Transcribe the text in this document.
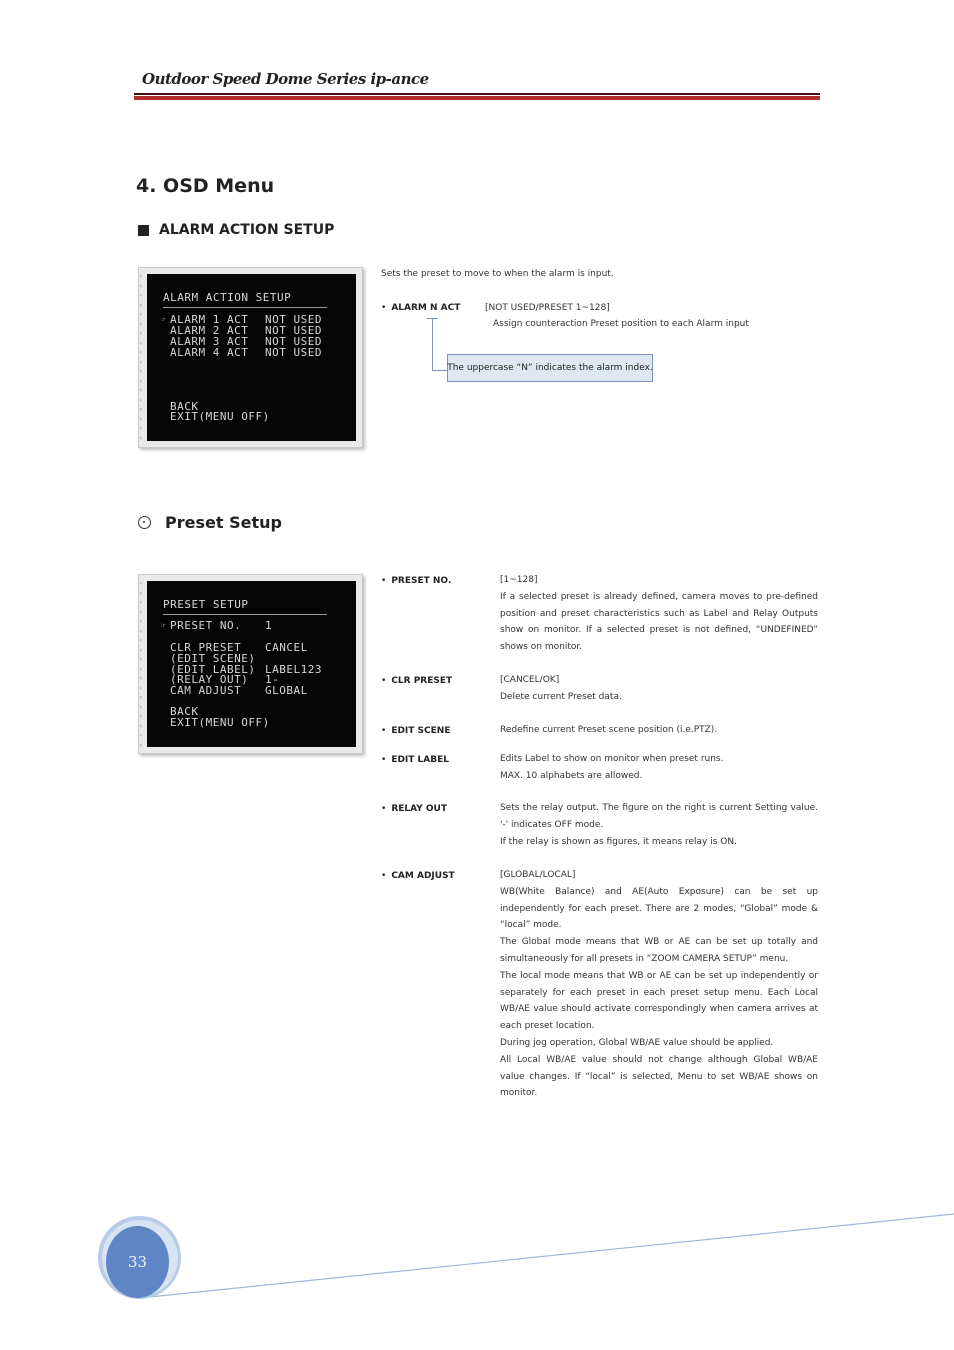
Outdoor Speed Dome Series ip-ance
4. OSD Menu
ALARM ACTION SETUP
‹
‹
‹
‹
‹
‹
‹
‹
‹
‹
‹
‹
‹
‹
‹
‹
‹
‹
ALARM ACTION SETUP
☞ ALARM 1 ACT NOT USED
ALARM 2 ACT NOT USED
ALARM 3 ACT NOT USED
ALARM 4 ACT NOT USED
BACK
EXIT(MENU OFF)
Sets the preset to move to when the alarm is input.
• ALARM N ACT	[NOT USED/PRESET 1~128]
Assign counteraction Preset position to each Alarm input
The uppercase “N” indicates the alarm index.
Preset Setup
‹
‹
‹
‹
‹
‹
‹
‹
‹
‹
‹
‹
‹
‹
‹
‹
‹
‹
PRESET SETUP
☞ PRESET NO. 1
CLR PRESET CANCEL
(EDIT SCENE)
(EDIT LABEL) LABEL123
(RELAY OUT) 1-
CAM ADJUST GLOBAL
BACK
EXIT(MENU OFF)
• PRESET NO.	[1~128]
If a selected preset is already defined, camera moves to pre-defined position and preset characteristics such as Label and Relay Outputs show on monitor. If a selected preset is not defined, “UNDEFINED” shows on monitor.
• CLR PRESET	[CANCEL/OK]
Delete current Preset data.
• EDIT SCENE	Redefine current Preset scene position (i.e.PTZ).
• EDIT LABEL	Edits Label to show on monitor when preset runs.
MAX. 10 alphabets are allowed.
• RELAY OUT	Sets the relay output. The figure on the right is current Setting value. '-' indicates OFF mode.
If the relay is shown as figures, it means relay is ON.
• CAM ADJUST	[GLOBAL/LOCAL]
WB(White Balance) and AE(Auto Exposure) can be set up independently for each preset. There are 2 modes, “Global” mode & “local” mode.
The Global mode means that WB or AE can be set up totally and simultaneously for all presets in “ZOOM CAMERA SETUP” menu.
The local mode means that WB or AE can be set up independently or separately for each preset in each preset setup menu. Each Local WB/AE value should activate correspondingly when camera arrives at each preset location.
During jog operation, Global WB/AE value should be applied.
All Local WB/AE value should not change although Global WB/AE value changes. If “local” is selected, Menu to set WB/AE shows on monitor.
33
